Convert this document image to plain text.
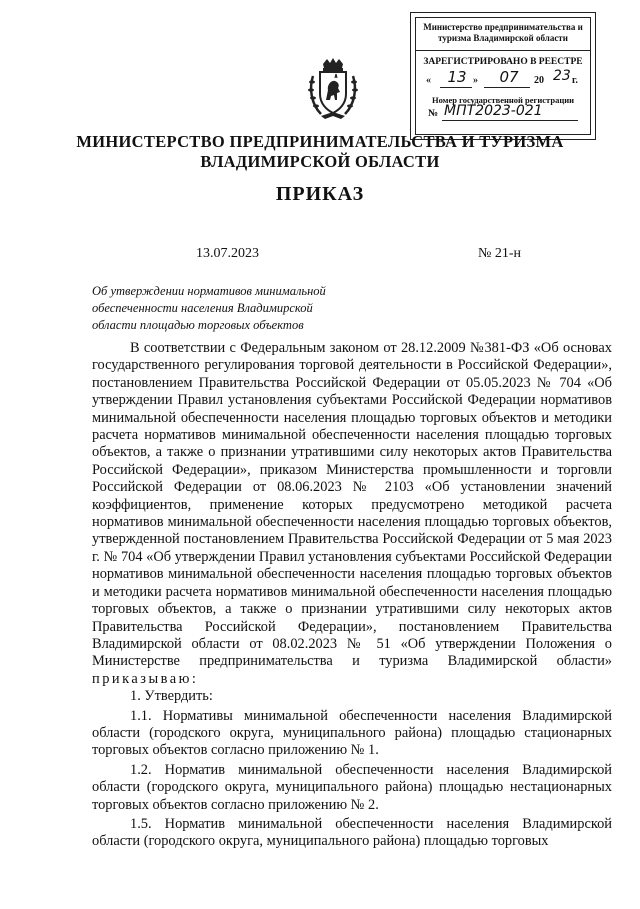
Министерство предпринимательства и туризма Владимирской области
ЗАРЕГИСТРИРОВАНО В РЕЕСТРЕ
«	13 »	07	20 23 г.
Номер государственной регистрации
№ МПТ2023-021
МИНИСТЕРСТВО ПРЕДПРИНИМАТЕЛЬСТВА И ТУРИЗМА ВЛАДИМИРСКОЙ ОБЛАСТИ
ПРИКАЗ
13.07.2023	№ 21-н
Об утверждении нормативов минимальной обеспеченности населения Владимирской области площадью торговых объектов

В соответствии с Федеральным законом от 28.12.2009 №381-ФЗ «Об основах государственного регулирования торговой деятельности в Российской Федерации», постановлением Правительства Российской Федерации от 05.05.2023 № 704 «Об утверждении Правил установления субъектами Российской Федерации нормативов минимальной обеспеченности населения площадью торговых объектов и методики расчета нормативов минимальной обеспеченности населения площадью торговых объектов, а также о признании утратившими силу некоторых актов Правительства Российской Федерации», приказом Министерства промышленности и торговли Российской Федерации от 08.06.2023 № 2103 «Об установлении значений коэффициентов, применение которых предусмотрено методикой расчета нормативов минимальной обеспеченности населения площадью торговых объектов, утвержденной постановлением Правительства Российской Федерации от 5 мая 2023 г. № 704 «Об утверждении Правил установления субъектами Российской Федерации нормативов минимальной обеспеченности населения площадью торговых объектов и методики расчета нормативов минимальной обеспеченности населения площадью торговых объектов, а также о признании утратившими силу некоторых актов Правительства Российской Федерации», постановлением Правительства Владимирской области от 08.02.2023 № 51 «Об утверждении Положения о Министерстве предпринимательства и туризма Владимирской области» приказываю:

1. Утвердить:

1.1. Нормативы минимальной обеспеченности населения Владимирской области (городского округа, муниципального района) площадью стационарных торговых объектов согласно приложению № 1.

1.2. Норматив минимальной обеспеченности населения Владимирской области (городского округа, муниципального района) площадью нестационарных торговых объектов согласно приложению № 2.

1.5. Норматив минимальной обеспеченности населения Владимирской области (городского округа, муниципального района) площадью торговых
